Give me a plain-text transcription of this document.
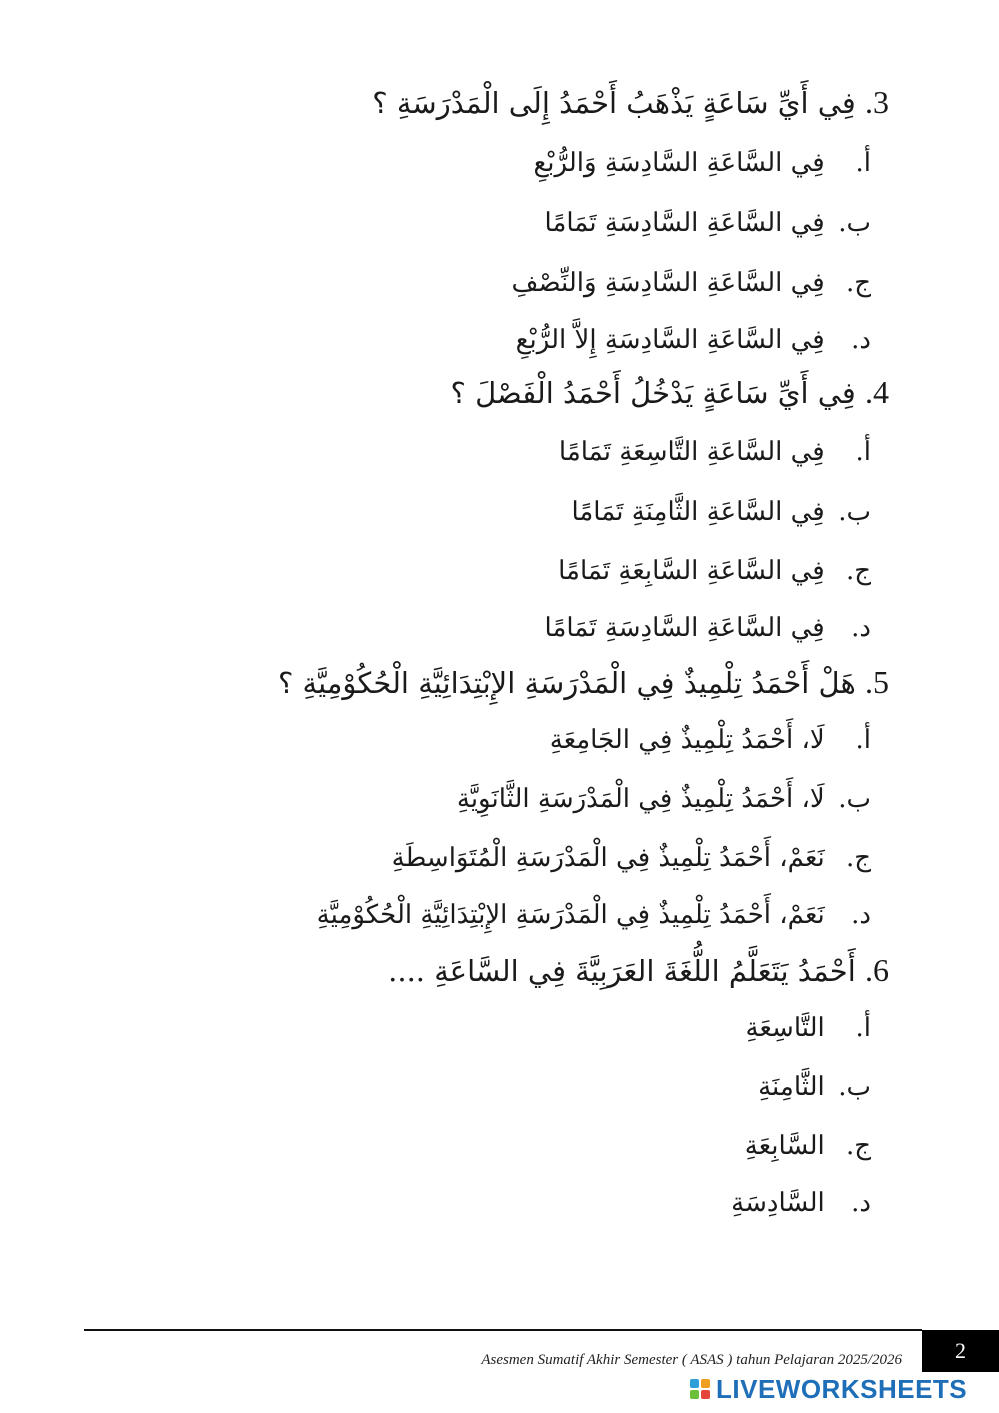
3. فِي أَيِّ سَاعَةٍ يَذْهَبُ أَحْمَدُ إِلَى الْمَدْرَسَةِ ؟
أ. فِي السَّاعَةِ السَّادِسَةِ وَالرُّبْعِ
ب. فِي السَّاعَةِ السَّادِسَةِ تَمَامًا
ج. فِي السَّاعَةِ السَّادِسَةِ وَالنِّصْفِ
د. فِي السَّاعَةِ السَّادِسَةِ إِلاَّ الرُّبْعِ
4. فِي أَيِّ سَاعَةٍ يَدْخُلُ أَحْمَدُ الْفَصْلَ ؟
أ. فِي السَّاعَةِ التَّاسِعَةِ تَمَامًا
ب. فِي السَّاعَةِ الثَّامِنَةِ تَمَامًا
ج. فِي السَّاعَةِ السَّابِعَةِ تَمَامًا
د. فِي السَّاعَةِ السَّادِسَةِ تَمَامًا
5. هَلْ أَحْمَدُ تِلْمِيذٌ فِي الْمَدْرَسَةِ الإِبْتِدَائِيَّةِ الْحُكُوْمِيَّةِ ؟
أ. لَا، أَحْمَدُ تِلْمِيذٌ فِي الجَامِعَةِ
ب. لَا، أَحْمَدُ تِلْمِيذٌ فِي الْمَدْرَسَةِ الثَّانَوِيَّةِ
ج. نَعَمْ، أَحْمَدُ تِلْمِيذٌ فِي الْمَدْرَسَةِ الْمُتَوَاسِطَةِ
د. نَعَمْ، أَحْمَدُ تِلْمِيذٌ فِي الْمَدْرَسَةِ الإِبْتِدَائِيَّةِ الْحُكُوْمِيَّةِ
6. أَحْمَدُ يَتَعَلَّمُ اللُّغَةَ العَرَبِيَّةَ فِي السَّاعَةِ ....
أ. التَّاسِعَةِ
ب. الثَّامِنَةِ
ج. السَّابِعَةِ
د. السَّادِسَةِ
Asesmen Sumatif Akhir Semester ( ASAS ) tahun Pelajaran 2025/2026 2
LIVEWORKSHEETS
